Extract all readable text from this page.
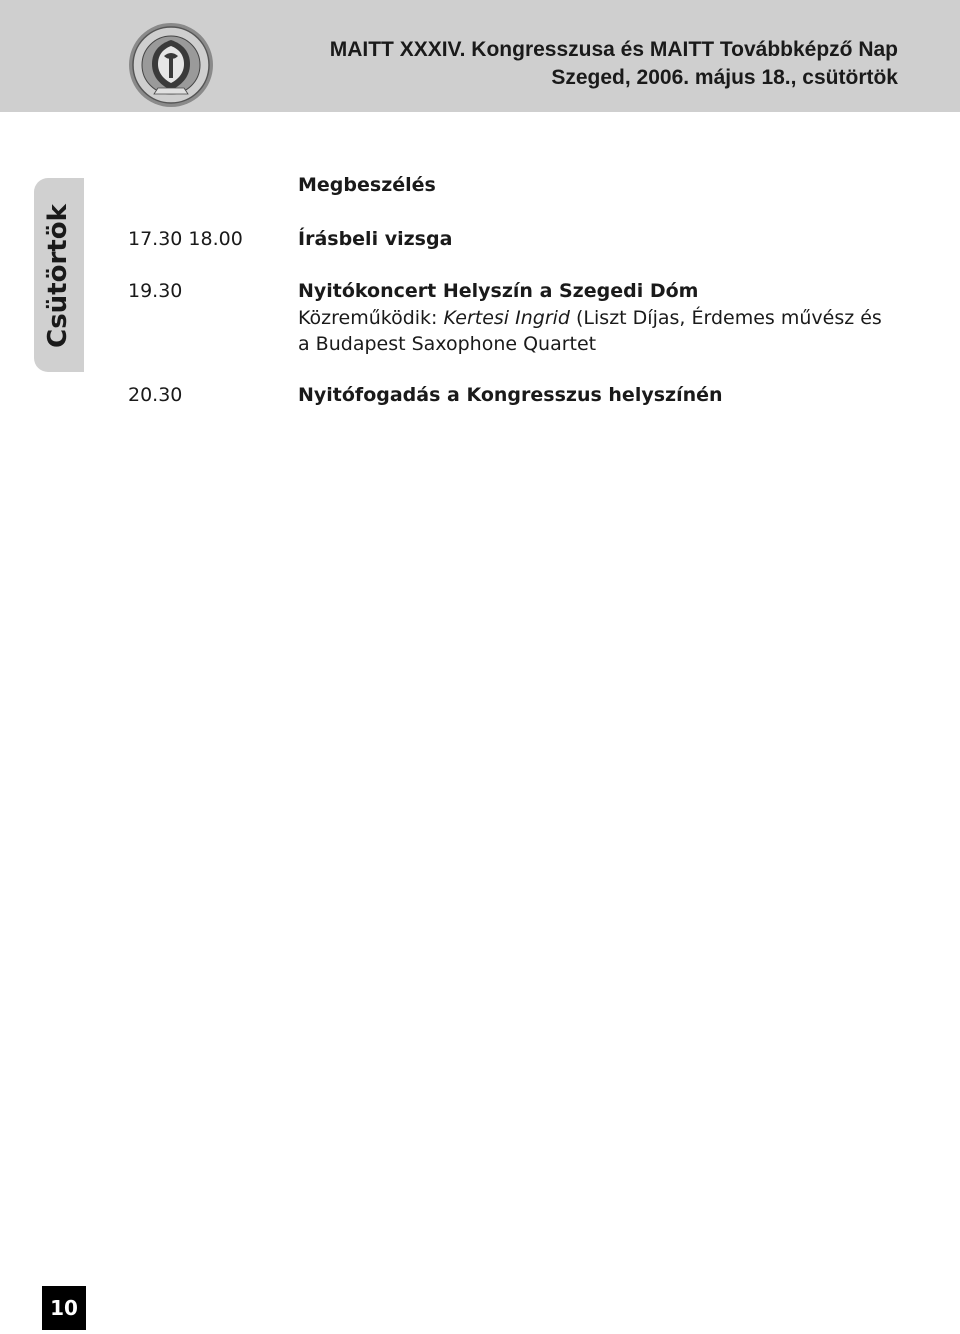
MAITT XXXIV. Kongresszusa és MAITT Továbbképző Nap
Szeged, 2006. május 18., csütörtök
Csütörtök
Megbeszélés
17.30 18.00	Írásbeli vizsga
19.30	Nyitókoncert Helyszín a Szegedi Dóm
Közreműködik: Kertesi Ingrid (Liszt Díjas, Érdemes művész és a Budapest Saxophone Quartet
20.30	Nyitófogadás a Kongresszus helyszínén
10
